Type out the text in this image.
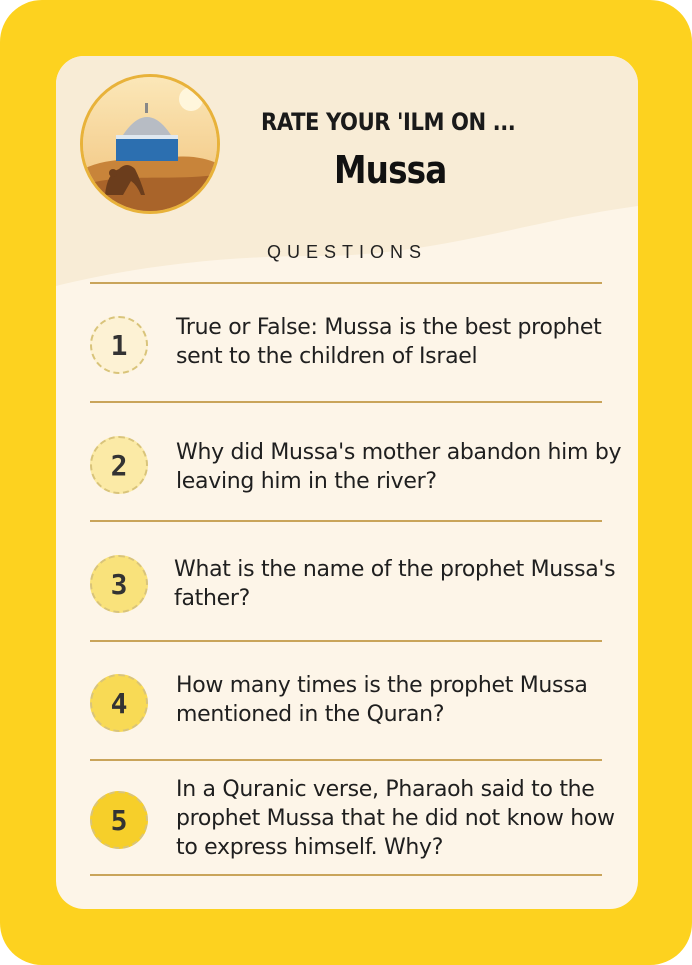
RATE YOUR 'ILM ON ...
Mussa
QUESTIONS
1
True or False: Mussa is the best prophet sent to the children of Israel
2	Why did Mussa's mother abandon him by leaving him in the river?
3	What is the name of the prophet Mussa's father?
4
How many times is the prophet Mussa mentioned in the Quran?
5
In a Quranic verse, Pharaoh said to the prophet Mussa that he did not know how to express himself. Why?
